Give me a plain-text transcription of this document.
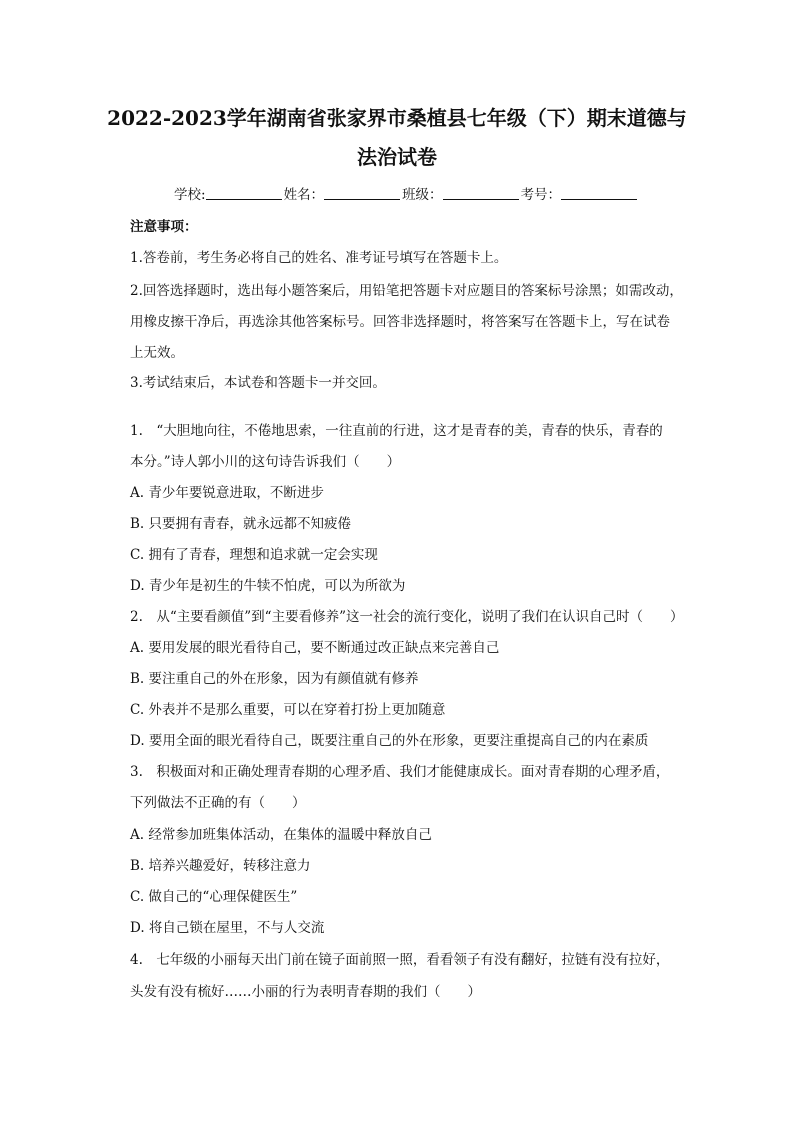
2022-2023学年湖南省张家界市桑植县七年级（下）期末道德与
法治试卷
学校:	姓名：	班级：	考号：
注意事项：
1.答卷前，考生务必将自己的姓名、准考证号填写在答题卡上。
2.回答选择题时，选出每小题答案后，用铅笔把答题卡对应题目的答案标号涂黑；如需改动，
用橡皮擦干净后，再选涂其他答案标号。回答非选择题时，将答案写在答题卡上，写在试卷
上无效。
3.考试结束后，本试卷和答题卡一并交回。
1.　“大胆地向往，不倦地思索，一往直前的行进，这才是青春的美，青春的快乐，青春的
本分。”诗人郭小川的这句诗告诉我们（　　）
A. 青少年要锐意进取，不断进步
B. 只要拥有青春，就永远都不知疲倦
C. 拥有了青春，理想和追求就一定会实现
D. 青少年是初生的牛犊不怕虎，可以为所欲为
2.　从“主要看颜值”到“主要看修养”这一社会的流行变化，说明了我们在认识自己时（　　）
A. 要用发展的眼光看待自己，要不断通过改正缺点来完善自己
B. 要注重自己的外在形象，因为有颜值就有修养
C. 外表并不是那么重要，可以在穿着打扮上更加随意
D. 要用全面的眼光看待自己，既要注重自己的外在形象，更要注重提高自己的内在素质
3.　积极面对和正确处理青春期的心理矛盾、我们才能健康成长。面对青春期的心理矛盾，
下列做法不正确的有（　　）
A. 经常参加班集体活动，在集体的温暖中释放自己
B. 培养兴趣爱好，转移注意力
C. 做自己的“心理保健医生”
D. 将自己锁在屋里，不与人交流
4.　七年级的小丽每天出门前在镜子面前照一照，看看领子有没有翻好，拉链有没有拉好，
头发有没有梳好……小丽的行为表明青春期的我们（　　）
